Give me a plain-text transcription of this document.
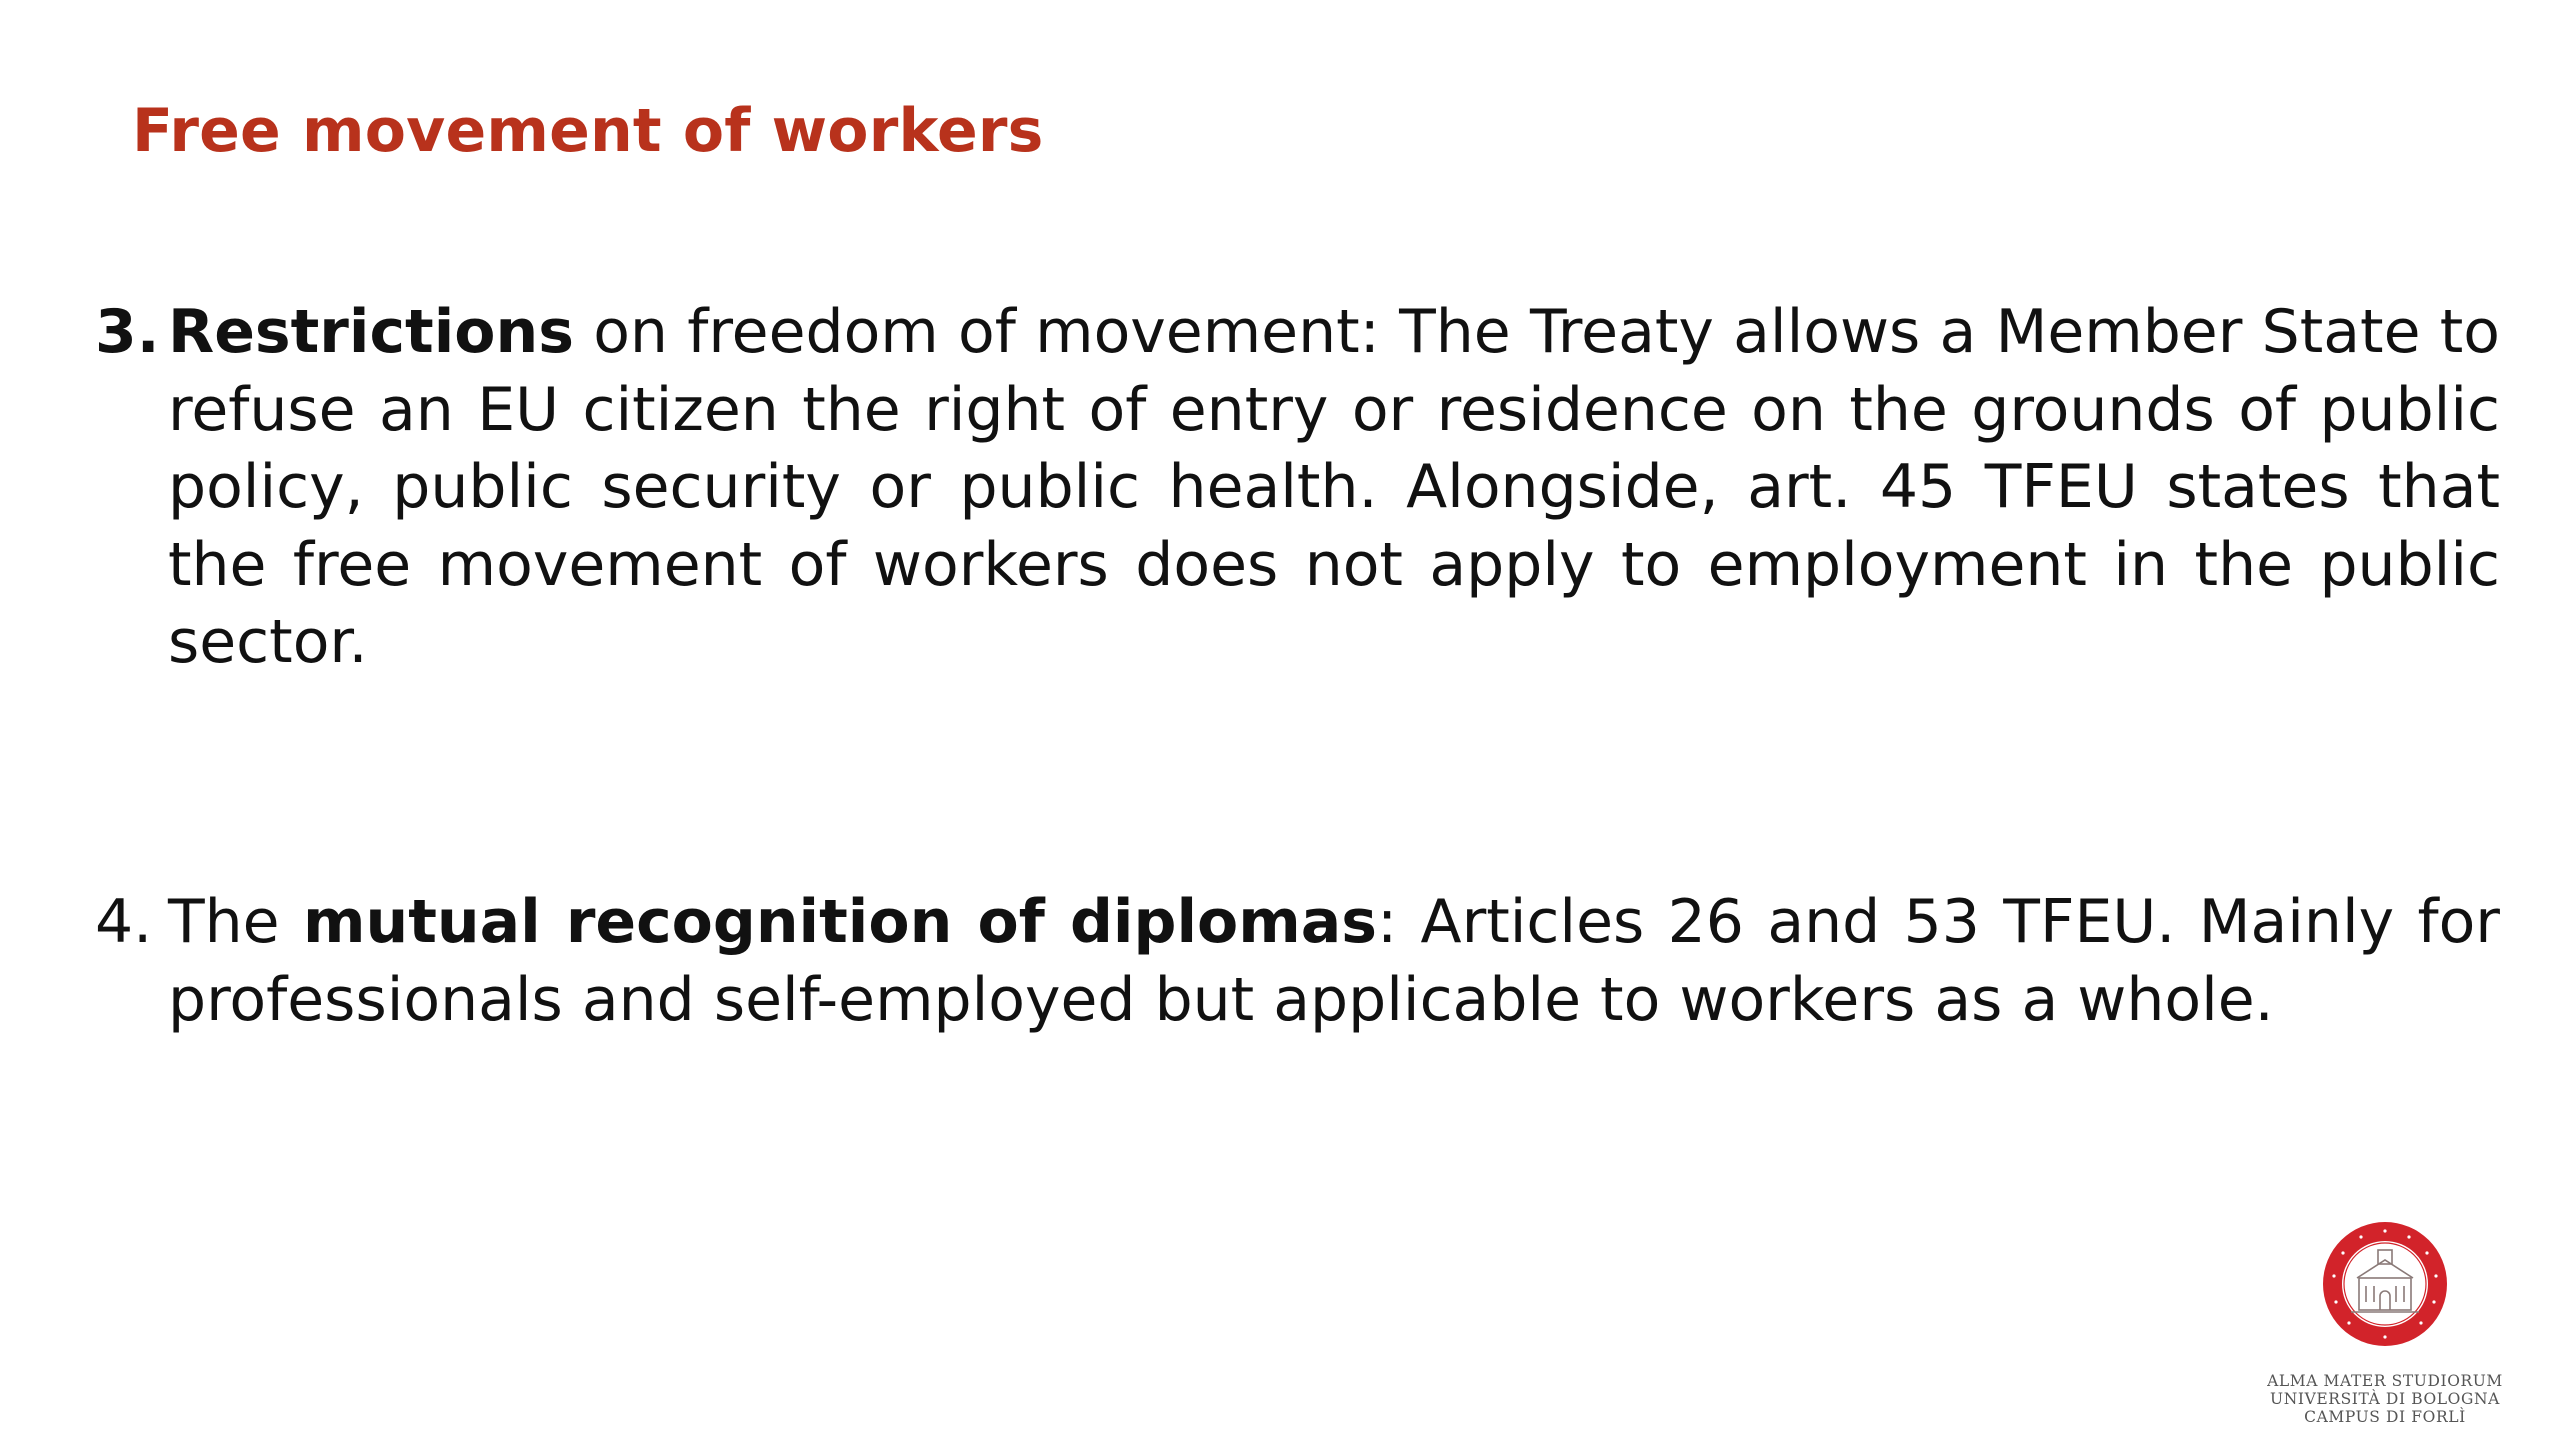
Free movement of workers
3. Restrictions on freedom of movement: The Treaty allows a Member State to refuse an EU citizen the right of entry or residence on the grounds of public policy, public security or public health. Alongside, art. 45 TFEU states that the free movement of workers does not apply to employment in the public sector.
4. The mutual recognition of diplomas: Articles 26 and 53 TFEU. Mainly for professionals and self-employed but applicable to workers as a whole.
ALMA MATER STUDIORUM
UNIVERSITÀ DI BOLOGNA
CAMPUS DI FORLÌ
